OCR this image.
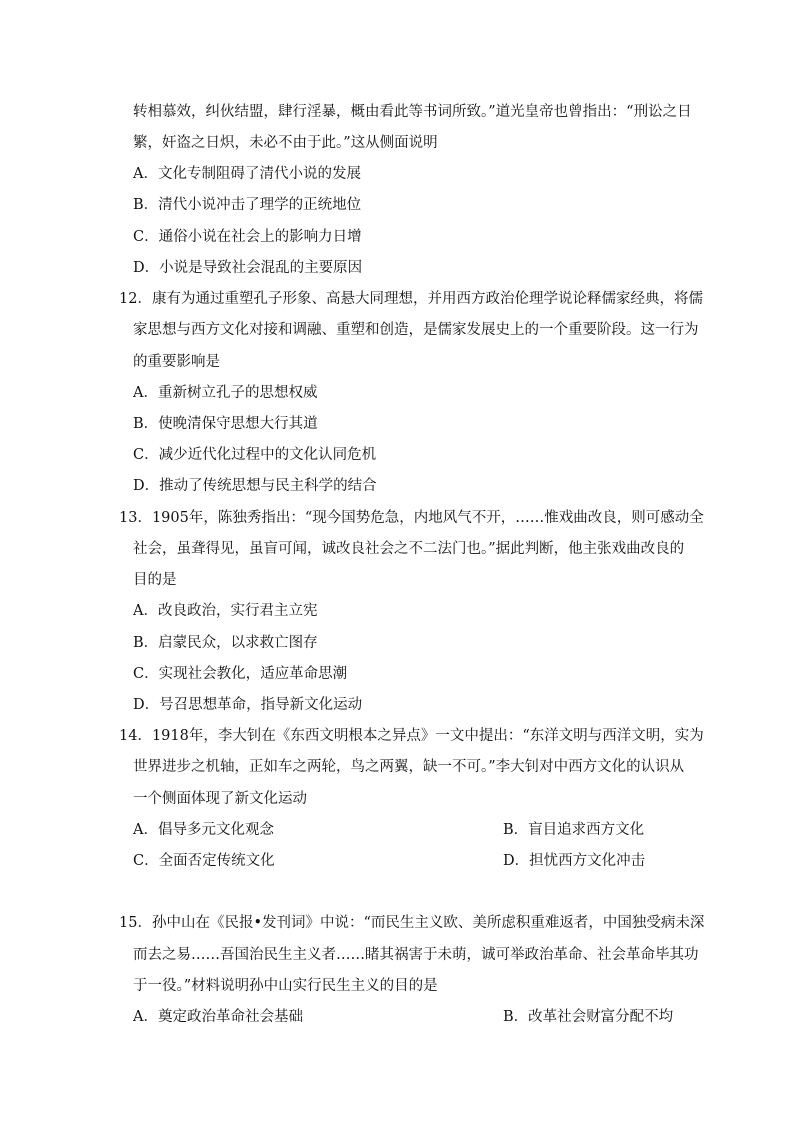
转相慕效，纠伙结盟，肆行淫暴，概由看此等书词所致。”道光皇帝也曾指出：“刑讼之日
繁，奸盗之日炽，未必不由于此。”这从侧面说明
A．文化专制阻碍了清代小说的发展
B．清代小说冲击了理学的正统地位
C．通俗小说在社会上的影响力日增
D．小说是导致社会混乱的主要原因
12．康有为通过重塑孔子形象、高悬大同理想，并用西方政治伦理学说论释儒家经典，将儒
家思想与西方文化对接和调融、重塑和创造，是儒家发展史上的一个重要阶段。这一行为
的重要影响是
A．重新树立孔子的思想权威
B．使晚清保守思想大行其道
C．减少近代化过程中的文化认同危机
D．推动了传统思想与民主科学的结合
13．1905年，陈独秀指出：“现今国势危急，内地风气不开，……惟戏曲改良，则可感动全
社会，虽聋得见，虽盲可闻，诚改良社会之不二法门也。”据此判断，他主张戏曲改良的
目的是
A．改良政治，实行君主立宪
B．启蒙民众，以求救亡图存
C．实现社会教化，适应革命思潮
D．号召思想革命，指导新文化运动
14．1918年，李大钊在《东西文明根本之异点》一文中提出：“东洋文明与西洋文明，实为
世界进步之机轴，正如车之两轮，鸟之两翼，缺一不可。”李大钊对中西方文化的认识从
一个侧面体现了新文化运动
A．倡导多元文化观念	B．盲目追求西方文化
C．全面否定传统文化	D．担忧西方文化冲击
15．孙中山在《民报•发刊词》中说：“而民生主义欧、美所虑积重难返者，中国独受病未深
而去之易……吾国治民生主义者……睹其祸害于未萌，诚可举政治革命、社会革命毕其功
于一役。”材料说明孙中山实行民生主义的目的是
A．奠定政治革命社会基础	B．改革社会财富分配不均
